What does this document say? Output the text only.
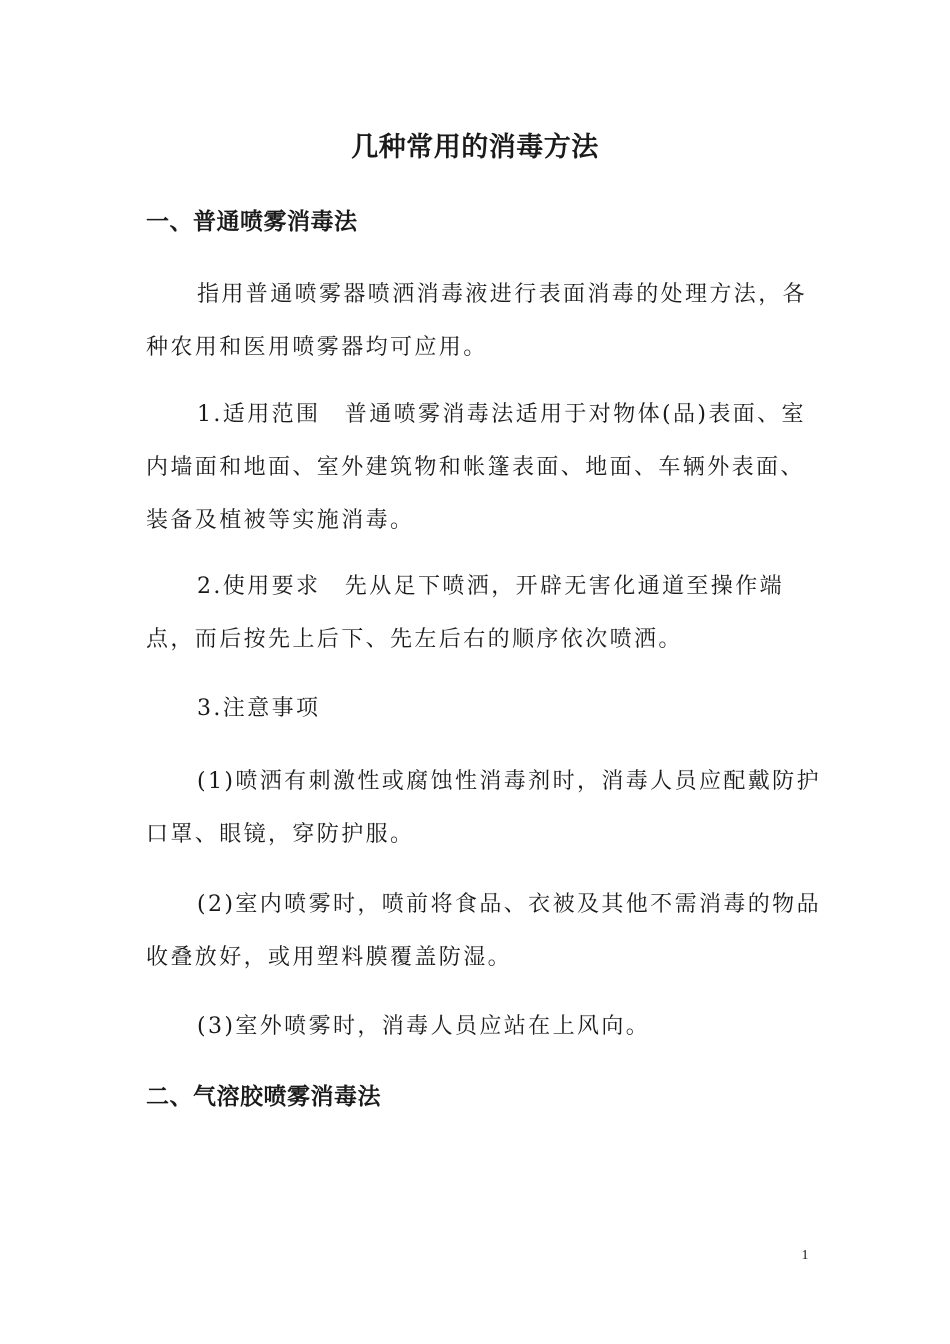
几种常用的消毒方法
一、普通喷雾消毒法

指用普通喷雾器喷洒消毒液进行表面消毒的处理方法，各种农用和医用喷雾器均可应用。

1.适用范围　普通喷雾消毒法适用于对物体(品)表面、室内墙面和地面、室外建筑物和帐篷表面、地面、车辆外表面、装备及植被等实施消毒。

2.使用要求　先从足下喷洒，开辟无害化通道至操作端点，而后按先上后下、先左后右的顺序依次喷洒。

3.注意事项

(1)喷洒有刺激性或腐蚀性消毒剂时，消毒人员应配戴防护口罩、眼镜，穿防护服。

(2)室内喷雾时，喷前将食品、衣被及其他不需消毒的物品收叠放好，或用塑料膜覆盖防湿。

(3)室外喷雾时，消毒人员应站在上风向。

二、气溶胶喷雾消毒法
1
